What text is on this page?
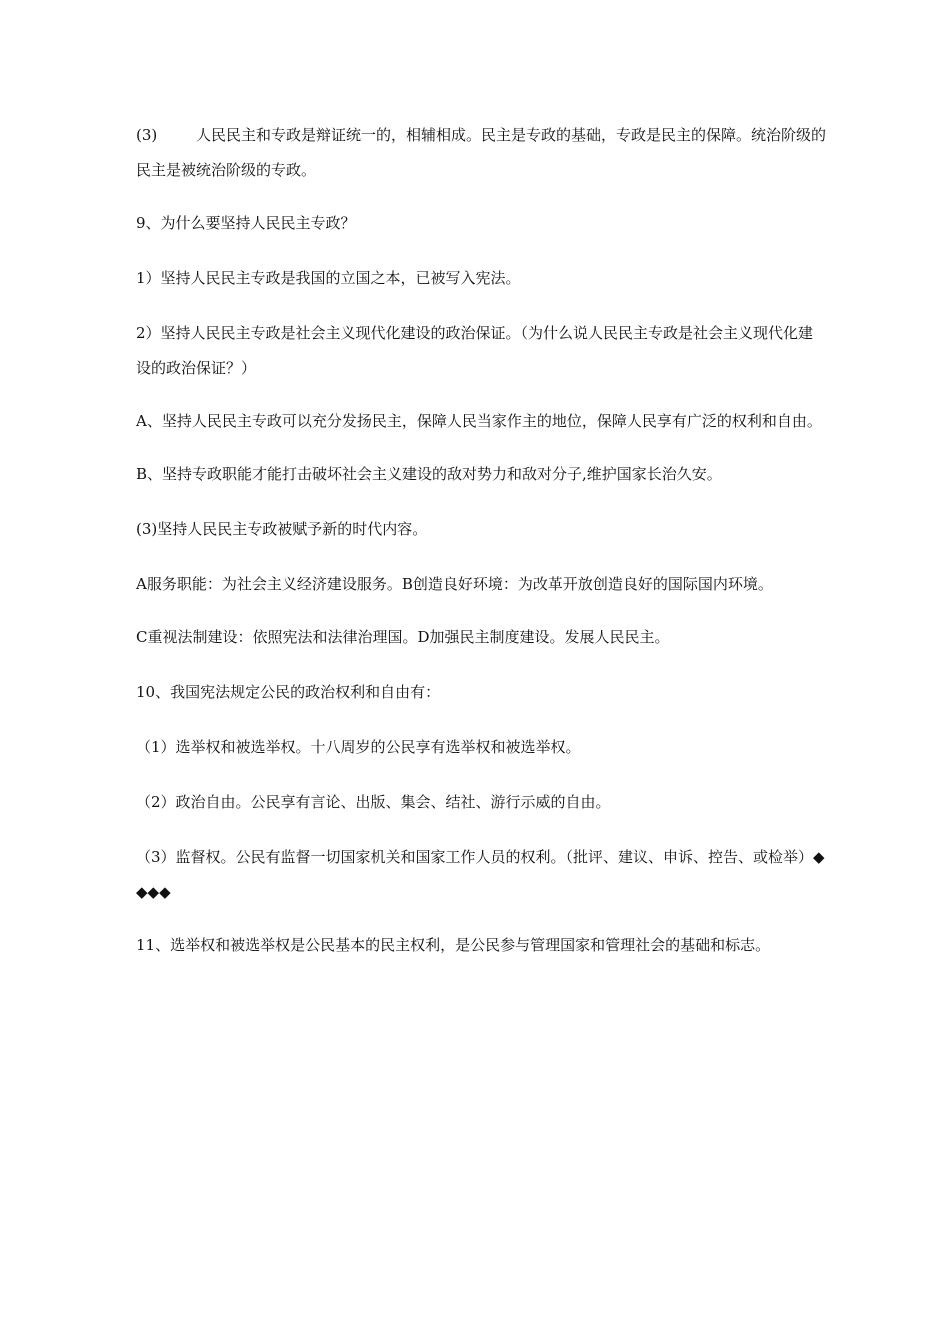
(3)	人民民主和专政是辩证统一的，相辅相成。民主是专政的基础，专政是民主的保障。统治阶级的民主是被统治阶级的专政。

9、为什么要坚持人民民主专政？

1）坚持人民民主专政是我国的立国之本，已被写入宪法。

2）坚持人民民主专政是社会主义现代化建设的政治保证。（为什么说人民民主专政是社会主义现代化建设的政治保证？）

A、坚持人民民主专政可以充分发扬民主，保障人民当家作主的地位，保障人民享有广泛的权利和自由。

B、坚持专政职能才能打击破坏社会主义建设的敌对势力和敌对分子,维护国家长治久安。

(3)坚持人民民主专政被赋予新的时代内容。

A服务职能：为社会主义经济建设服务。B创造良好环境：为改革开放创造良好的国际国内环境。

C重视法制建设：依照宪法和法律治理国。D加强民主制度建设。发展人民民主。

10、我国宪法规定公民的政治权利和自由有：

（1）选举权和被选举权。十八周岁的公民享有选举权和被选举权。

（2）政治自由。公民享有言论、出版、集会、结社、游行示威的自由。

（3）监督权。公民有监督一切国家机关和国家工作人员的权利。（批评、建议、申诉、控告、或检举）◆◆◆◆

11、选举权和被选举权是公民基本的民主权利，是公民参与管理国家和管理社会的基础和标志。
